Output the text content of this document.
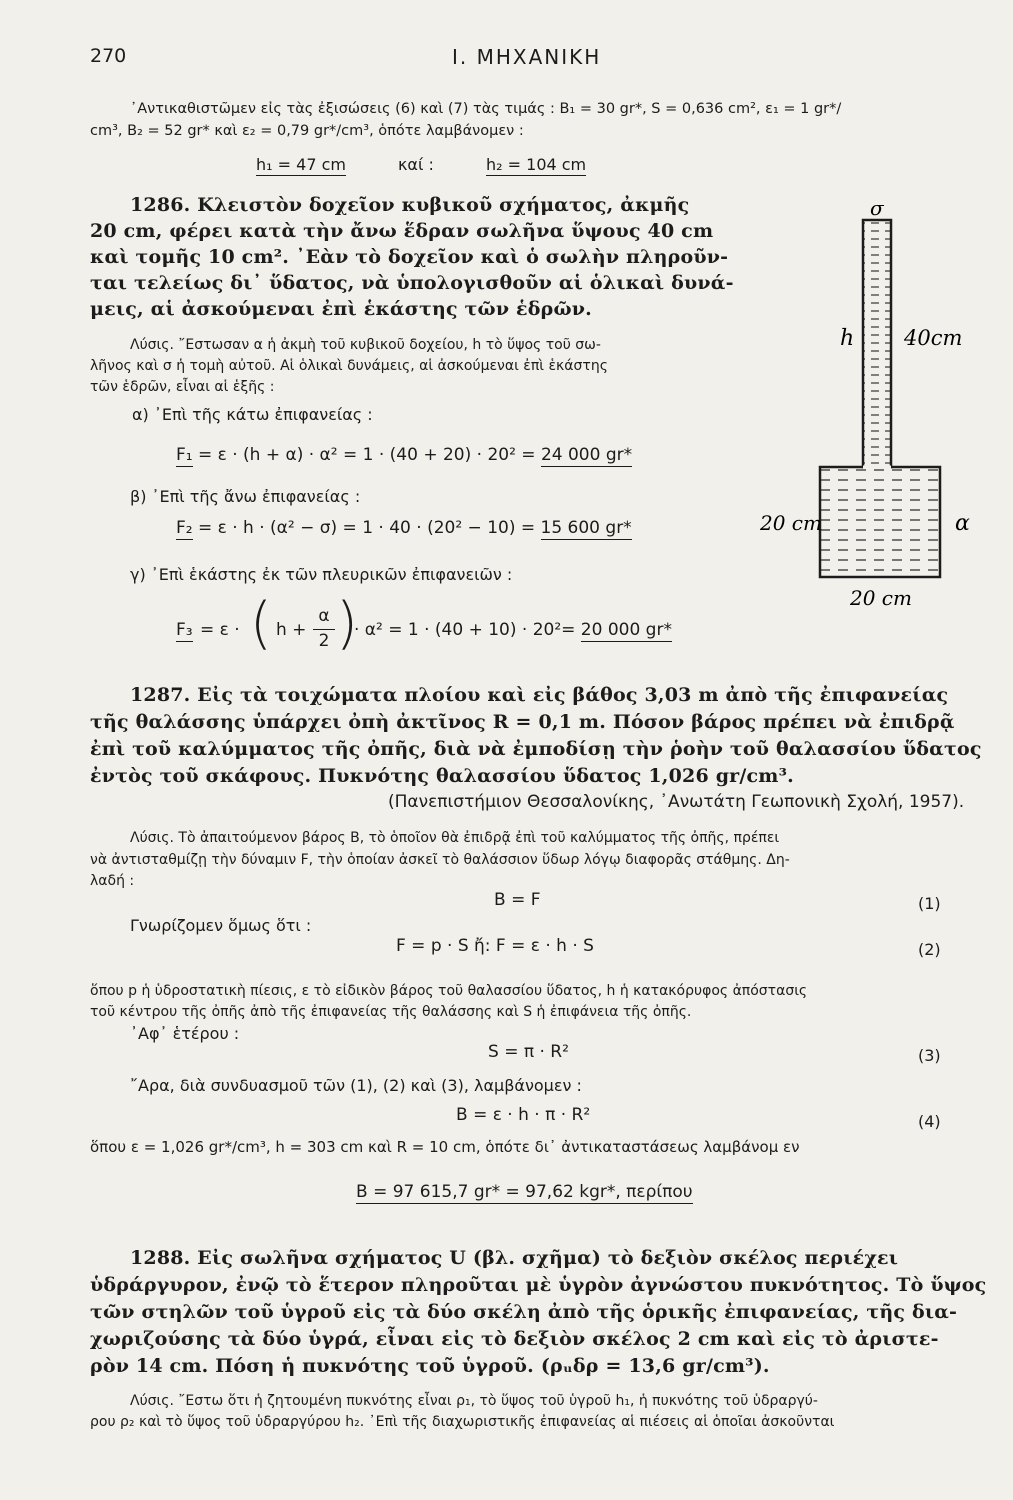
270	I. ΜΗΧΑΝΙΚΗ
᾽Αντικαθιστῶμεν εἰς τὰς ἐξισώσεις (6) καὶ (7) τὰς τιμάς : B₁ = 30 gr*, S = 0,636 cm², ε₁ = 1 gr*/
cm³, B₂ = 52 gr* καὶ ε₂ = 0,79 gr*/cm³, ὁπότε λαμβάνομεν :
h₁ = 47 cm	καί :	h₂ = 104 cm
1286. Κλειστὸν δοχεῖον κυβικοῦ σχήματος, ἀκμῆς
20 cm, φέρει κατὰ τὴν ἄνω ἕδραν σωλῆνα ὕψους 40 cm
καὶ τομῆς 10 cm². ᾽Εὰν τὸ δοχεῖον καὶ ὁ σωλὴν πληροῦν-
ται τελείως δι᾽ ὕδατος, νὰ ὑπολογισθοῦν αἱ ὁλικαὶ δυνά-
μεις, αἱ ἀσκούμεναι ἐπὶ ἑκάστης τῶν ἑδρῶν.
Λύσις. ῎Εστωσαν α ἡ ἀκμὴ τοῦ κυβικοῦ δοχείου, h τὸ ὕψος τοῦ σω-
λῆνος καὶ σ ἡ τομὴ αὐτοῦ. Αἱ ὁλικαὶ δυνάμεις, αἱ ἀσκούμεναι ἐπὶ ἑκάστης
τῶν ἑδρῶν, εἶναι αἱ ἑξῆς :
α) ᾽Επὶ τῆς κάτω ἐπιφανείας :
F₁ = ε · (h + α) · α² = 1 · (40 + 20) · 20² = 24 000 gr*
β) ᾽Επὶ τῆς ἄνω ἐπιφανείας :
F₂ = ε · h · (α² − σ) = 1 · 40 · (20² − 10) = 15 600 gr*
γ) ᾽Επὶ ἑκάστης ἐκ τῶν πλευρικῶν ἐπιφανειῶν :
F₃ = ε · ( h +
α
2 )
· α² = 1 · (40 + 10) · 20²= 20 000 gr*
σ
h 40cm
20 cm	α
20 cm
1287. Εἰς τὰ τοιχώματα πλοίου καὶ εἰς βάθος 3,03 m ἀπὸ τῆς ἐπιφανείας
τῆς θαλάσσης ὑπάρχει ὀπὴ ἀκτῖνος R = 0,1 m. Πόσον βάρος πρέπει νὰ ἐπιδρᾷ
ἐπὶ τοῦ καλύμματος τῆς ὀπῆς, διὰ νὰ ἐμποδίσῃ τὴν ῥοὴν τοῦ θαλασσίου ὕδατος
ἐντὸς τοῦ σκάφους. Πυκνότης θαλασσίου ὕδατος 1,026 gr/cm³.
(Πανεπιστήμιον Θεσσαλονίκης, ᾽Ανωτάτη Γεωπονικὴ Σχολή, 1957).
Λύσις. Τὸ ἀπαιτούμενον βάρος Β, τὸ ὁποῖον θὰ ἐπιδρᾷ ἐπὶ τοῦ καλύμματος τῆς ὀπῆς, πρέπει
νὰ ἀντισταθμίζῃ τὴν δύναμιν F, τὴν ὁποίαν ἀσκεῖ τὸ θαλάσσιον ὕδωρ λόγῳ διαφορᾶς στάθμης. Δη-
λαδή :
B = F	(1)
Γνωρίζομεν ὅμως ὅτι :
F = p · S ἤ: F = ε · h · S	(2)
ὅπου p ἡ ὑδροστατικὴ πίεσις, ε τὸ εἰδικὸν βάρος τοῦ θαλασσίου ὕδατος, h ἡ κατακόρυφος ἀπόστασις
τοῦ κέντρου τῆς ὀπῆς ἀπὸ τῆς ἐπιφανείας τῆς θαλάσσης καὶ S ἡ ἐπιφάνεια τῆς ὀπῆς.
᾽Αφ᾽ ἑτέρου :
S = π · R²	(3)
῎Αρα, διὰ συνδυασμοῦ τῶν (1), (2) καὶ (3), λαμβάνομεν :
B = ε · h · π · R²	(4)
ὅπου ε = 1,026 gr*/cm³, h = 303 cm καὶ R = 10 cm, ὁπότε δι᾽ ἀντικαταστάσεως λαμβάνομ εν
B = 97 615,7 gr* = 97,62 kgr*, περίπου
1288. Εἰς σωλῆνα σχήματος U (βλ. σχῆμα) τὸ δεξιὸν σκέλος περιέχει
ὑδράργυρον, ἐνῷ τὸ ἕτερον πληροῦται μὲ ὑγρὸν ἀγνώστου πυκνότητος. Τὸ ὕψος
τῶν στηλῶν τοῦ ὑγροῦ εἰς τὰ δύο σκέλη ἀπὸ τῆς ὁρικῆς ἐπιφανείας, τῆς δια-
χωριζούσης τὰ δύο ὑγρά, εἶναι εἰς τὸ δεξιὸν σκέλος 2 cm καὶ εἰς τὸ ἀριστε-
ρὸν 14 cm. Πόση ἡ πυκνότης τοῦ ὑγροῦ. (ρᵤδρ = 13,6 gr/cm³).
Λύσις. ῎Εστω ὅτι ἡ ζητουμένη πυκνότης εἶναι ρ₁, τὸ ὕψος τοῦ ὑγροῦ h₁, ἡ πυκνότης τοῦ ὑδραργύ-
ρου ρ₂ καὶ τὸ ὕψος τοῦ ὑδραργύρου h₂. ᾽Επὶ τῆς διαχωριστικῆς ἐπιφανείας αἱ πιέσεις αἱ ὁποῖαι ἀσκοῦνται
